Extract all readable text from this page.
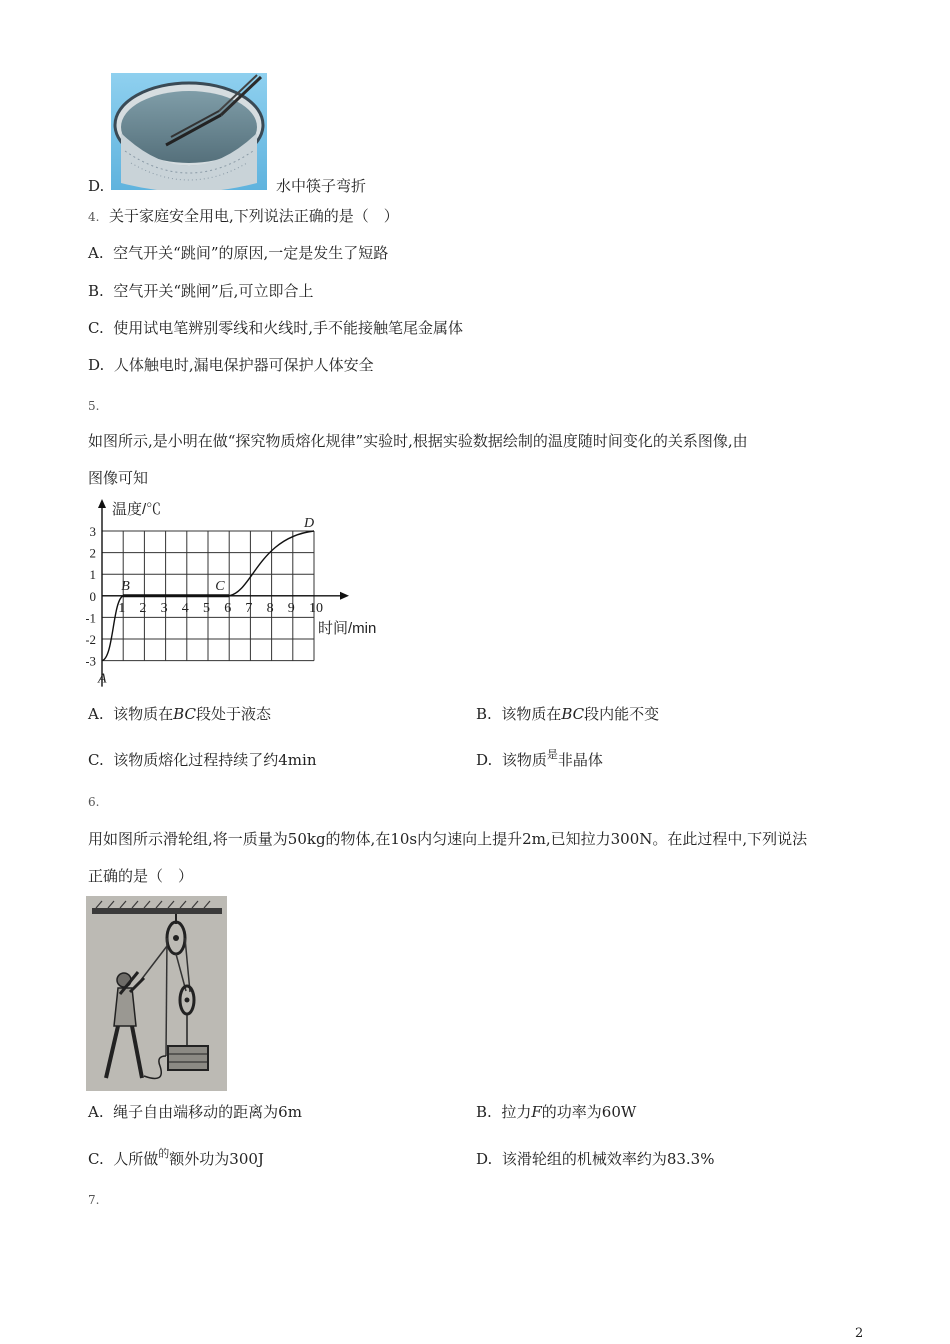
D.	水中筷子弯折
4. 关于家庭安全用电,下列说法正确的是（　）
A. 空气开关“跳间”的原因,一定是发生了短路
B. 空气开关“跳闸”后,可立即合上
C. 使用试电笔辨别零线和火线时,手不能接触笔尾金属体
D. 人体触电时,漏电保护器可保护人体安全
5.
如图所示,是小明在做“探究物质熔化规律”实验时,根据实验数据绘制的温度随时间变化的关系图像,由
图像可知
1 2 3 4 5 6 7 8 9 10
3
2
1
0
-1
-2
-3
A
B	C
D
温度/℃
时间/min
A. 该物质在BC段处于液态	B. 该物质在BC段内能不变
C. 该物质熔化过程持续了约4min	D. 该物质$^是$非晶体
6.
用如图所示滑轮组,将一质量为50kg的物体,在10s内匀速向上提升2m,已知拉力300N。在此过程中,下列说法
正确的是（　）
A. 绳子自由端移动的距离为6m	B. 拉力F的功率为60W
C. 人所做$^的$额外功为300J	D. 该滑轮组的机械效率约为83.3%
7.
2
